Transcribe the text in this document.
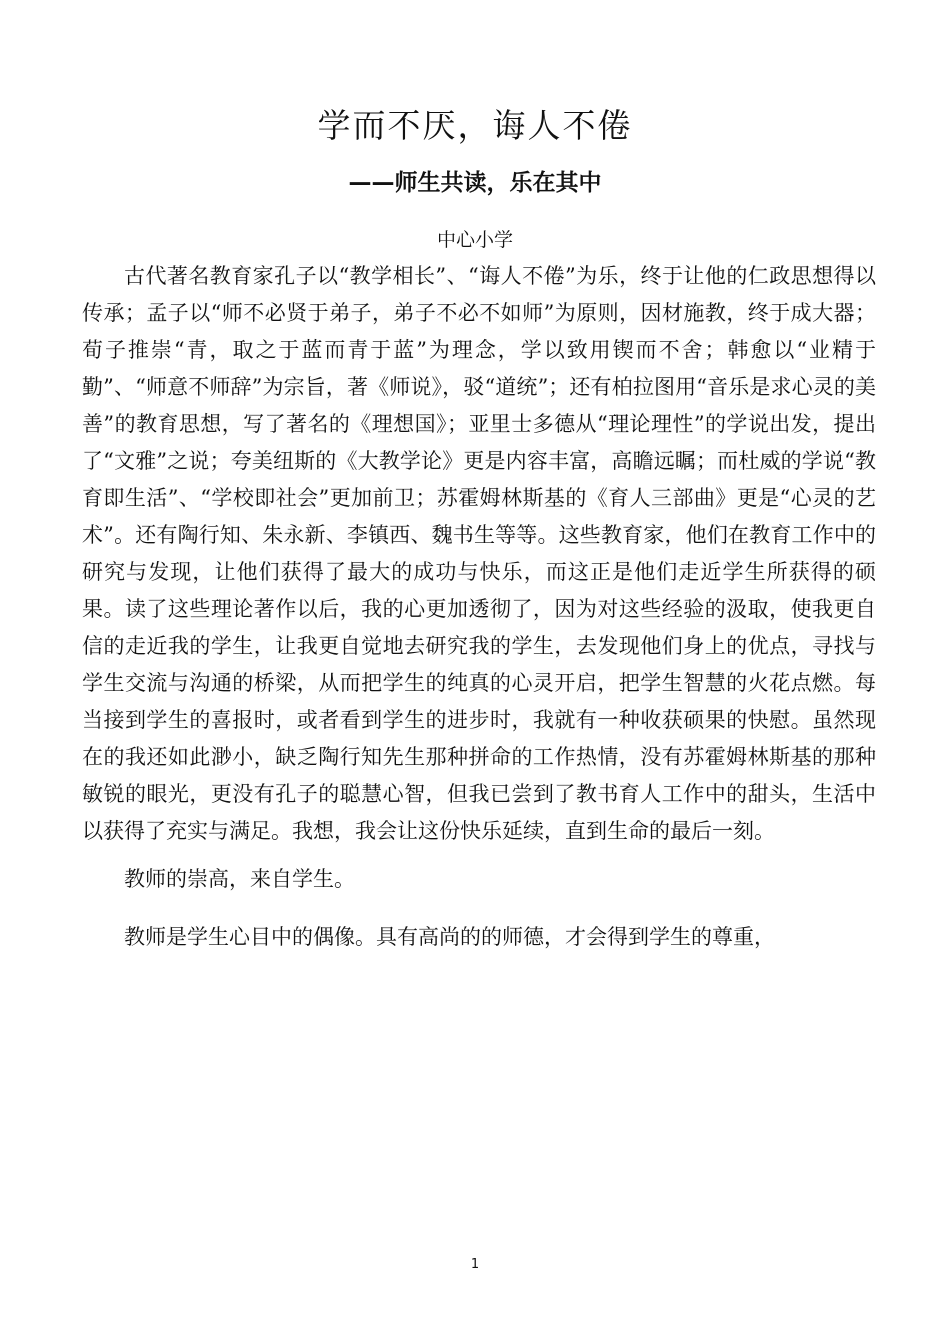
学而不厌，诲人不倦
——师生共读，乐在其中

中心小学

古代著名教育家孔子以“教学相长”、“诲人不倦”为乐，终于让他的仁政思想得以传承；孟子以“师不必贤于弟子，弟子不必不如师”为原则，因材施教，终于成大器；荀子推崇“青，取之于蓝而青于蓝”为理念，学以致用锲而不舍；韩愈以“业精于勤”、“师意不师辞”为宗旨，著《师说》，驳“道统”；还有柏拉图用“音乐是求心灵的美善”的教育思想，写了著名的《理想国》；亚里士多德从“理论理性”的学说出发，提出了“文雅”之说；夸美纽斯的《大教学论》更是内容丰富，高瞻远瞩；而杜威的学说“教育即生活”、“学校即社会”更加前卫；苏霍姆林斯基的《育人三部曲》更是“心灵的艺术”。还有陶行知、朱永新、李镇西、魏书生等等。这些教育家，他们在教育工作中的研究与发现，让他们获得了最大的成功与快乐，而这正是他们走近学生所获得的硕果。读了这些理论著作以后，我的心更加透彻了，因为对这些经验的汲取，使我更自信的走近我的学生，让我更自觉地去研究我的学生，去发现他们身上的优点，寻找与学生交流与沟通的桥梁，从而把学生的纯真的心灵开启，把学生智慧的火花点燃。每当接到学生的喜报时，或者看到学生的进步时，我就有一种收获硕果的快慰。虽然现在的我还如此渺小，缺乏陶行知先生那种拼命的工作热情，没有苏霍姆林斯基的那种敏锐的眼光，更没有孔子的聪慧心智，但我已尝到了教书育人工作中的甜头，生活中以获得了充实与满足。我想，我会让这份快乐延续，直到生命的最后一刻。

教师的崇高，来自学生。

教师是学生心目中的偶像。具有高尚的的师德，才会得到学生的尊重，

1
